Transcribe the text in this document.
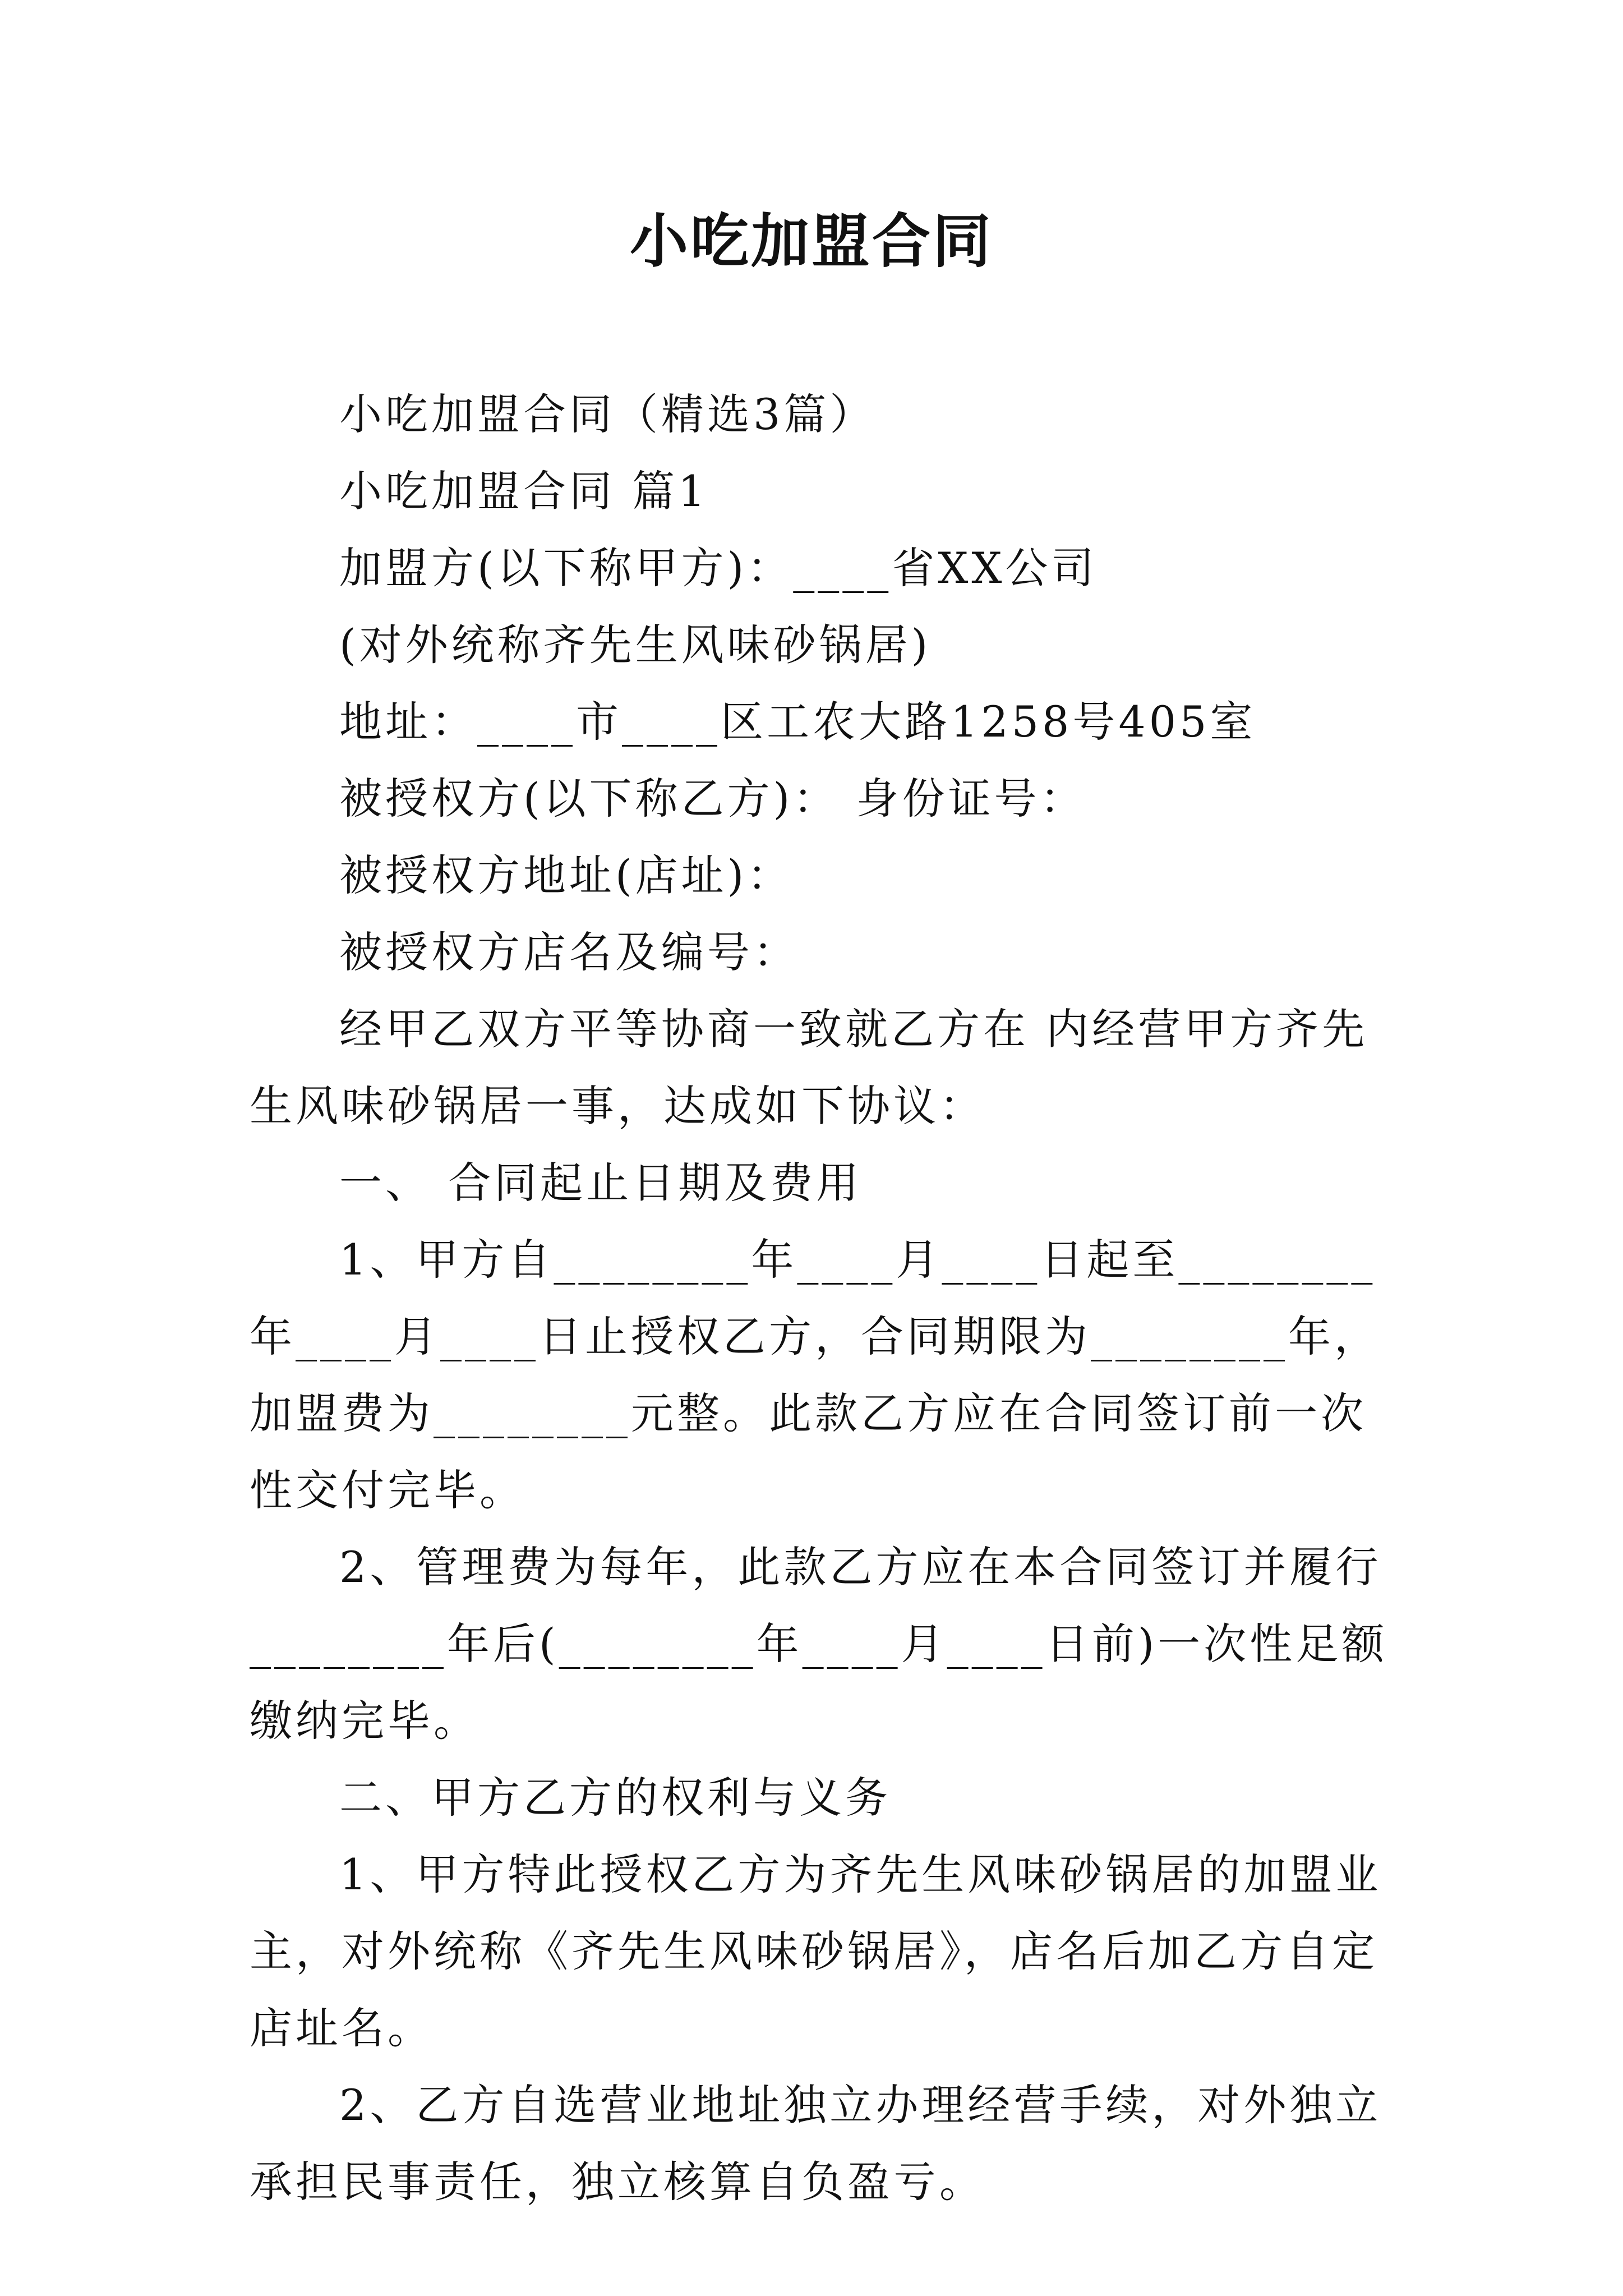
小吃加盟合同

小吃加盟合同（精选3篇）

小吃加盟合同 篇1

加盟方(以下称甲方)：____省XX公司

(对外统称齐先生风味砂锅居)

地址：____市____区工农大路1258号405室

被授权方(以下称乙方)： 身份证号：

被授权方地址(店址)：

被授权方店名及编号：

经甲乙双方平等协商一致就乙方在 内经营甲方齐先生风味砂锅居一事，达成如下协议：

一、 合同起止日期及费用

1、甲方自________年____月____日起至________年____月____日止授权乙方，合同期限为________年，加盟费为________元整。此款乙方应在合同签订前一次性交付完毕。

2、管理费为每年，此款乙方应在本合同签订并履行________年后(________年____月____日前)一次性足额缴纳完毕。

二、甲方乙方的权利与义务

1、甲方特此授权乙方为齐先生风味砂锅居的加盟业主，对外统称《齐先生风味砂锅居》，店名后加乙方自定店址名。

2、乙方自选营业地址独立办理经营手续，对外独立承担民事责任，独立核算自负盈亏。
